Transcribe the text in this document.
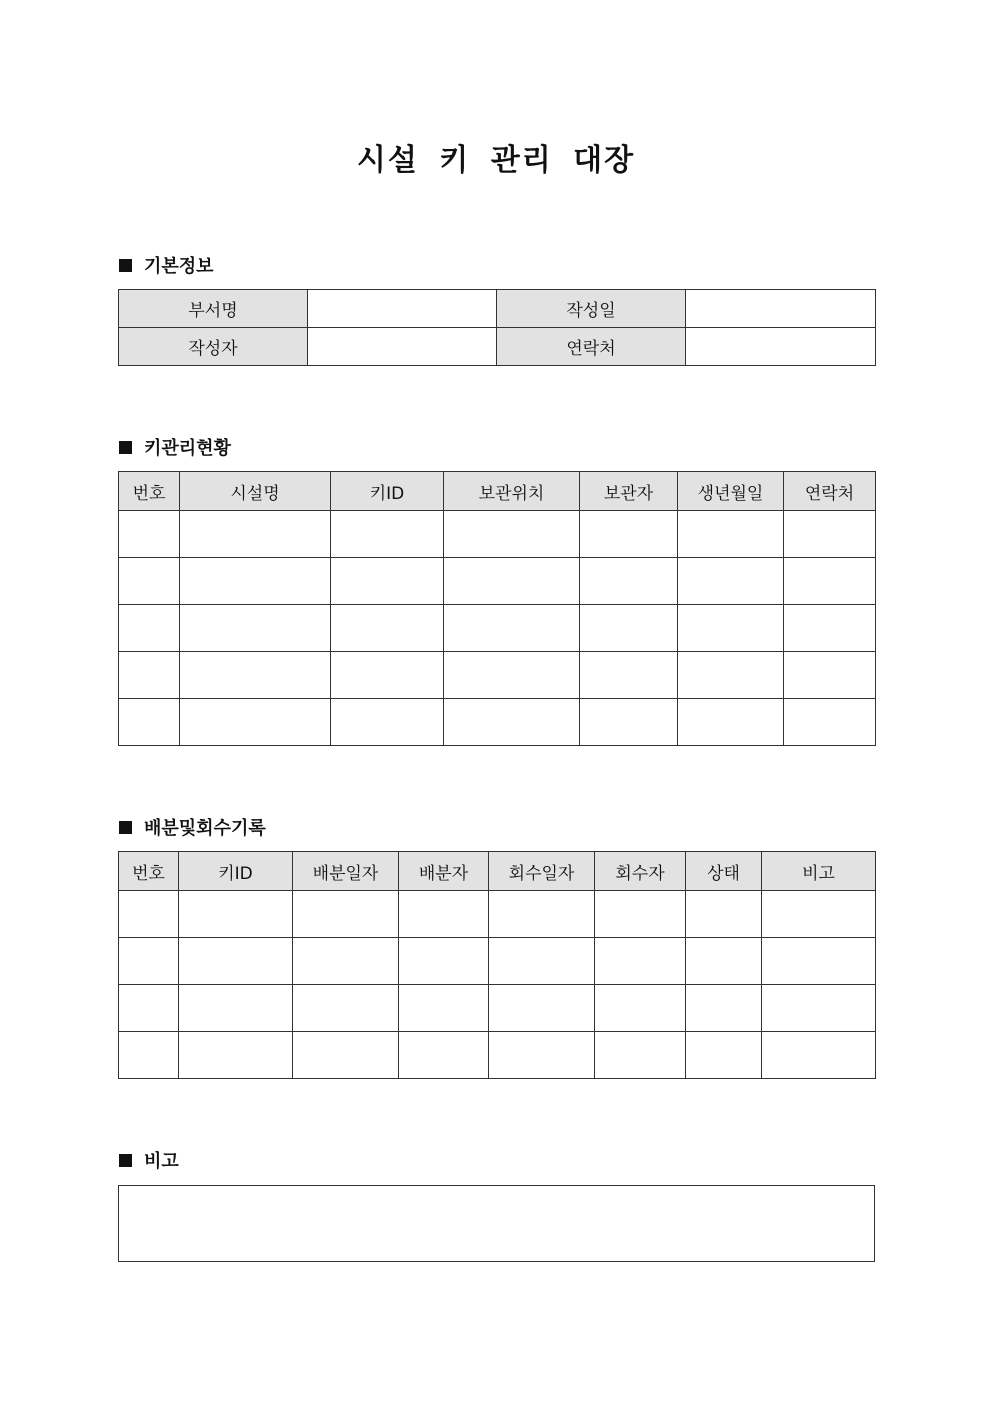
시설 키 관리 대장
기본정보
부서명		작성일	
작성자		연락처	
키관리현황
번호	시설명	키ID	보관위치	보관자	생년월일	연락처

배분및회수기록
번호	키ID	배분일자	배분자	회수일자	회수자	상태	비고

비고
